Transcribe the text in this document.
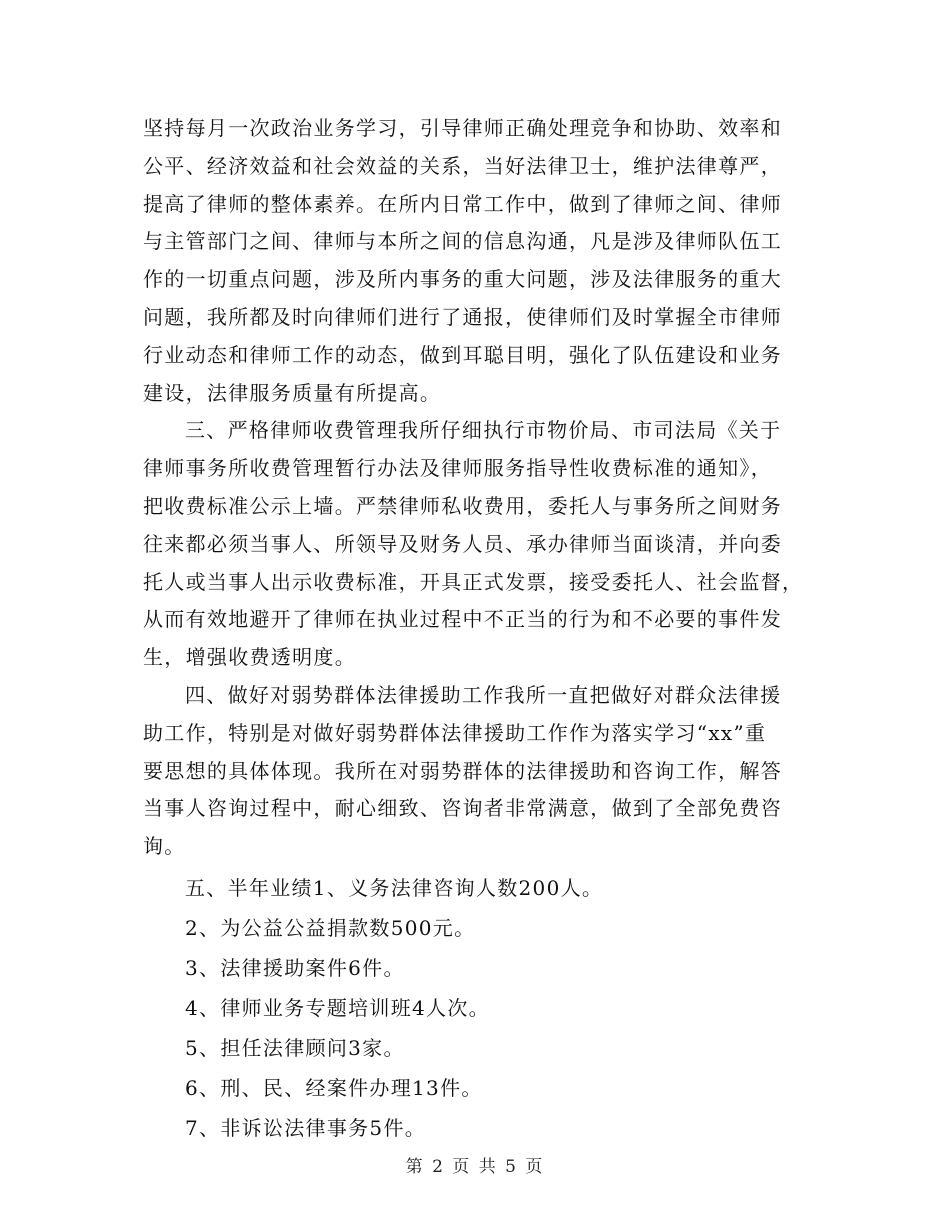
坚持每月一次政治业务学习，引导律师正确处理竞争和协助、效率和
公平、经济效益和社会效益的关系，当好法律卫士，维护法律尊严，
提高了律师的整体素养。在所内日常工作中，做到了律师之间、律师
与主管部门之间、律师与本所之间的信息沟通，凡是涉及律师队伍工
作的一切重点问题，涉及所内事务的重大问题，涉及法律服务的重大
问题，我所都及时向律师们进行了通报，使律师们及时掌握全市律师
行业动态和律师工作的动态，做到耳聪目明，强化了队伍建设和业务
建设，法律服务质量有所提高。
三、严格律师收费管理我所仔细执行市物价局、市司法局《关于
律师事务所收费管理暂行办法及律师服务指导性收费标准的通知》，
把收费标准公示上墙。严禁律师私收费用，委托人与事务所之间财务
往来都必须当事人、所领导及财务人员、承办律师当面谈清，并向委
托人或当事人出示收费标准，开具正式发票，接受委托人、社会监督，
从而有效地避开了律师在执业过程中不正当的行为和不必要的事件发
生，增强收费透明度。
四、做好对弱势群体法律援助工作我所一直把做好对群众法律援
助工作，特别是对做好弱势群体法律援助工作作为落实学习“xx”重
要思想的具体体现。我所在对弱势群体的法律援助和咨询工作，解答
当事人咨询过程中，耐心细致、咨询者非常满意，做到了全部免费咨
询。
五、半年业绩1、义务法律咨询人数200人。
2、为公益公益捐款数500元。
3、法律援助案件6件。
4、律师业务专题培训班4人次。
5、担任法律顾问3家。
6、刑、民、经案件办理13件。
7、非诉讼法律事务5件。
第 2 页 共 5 页
